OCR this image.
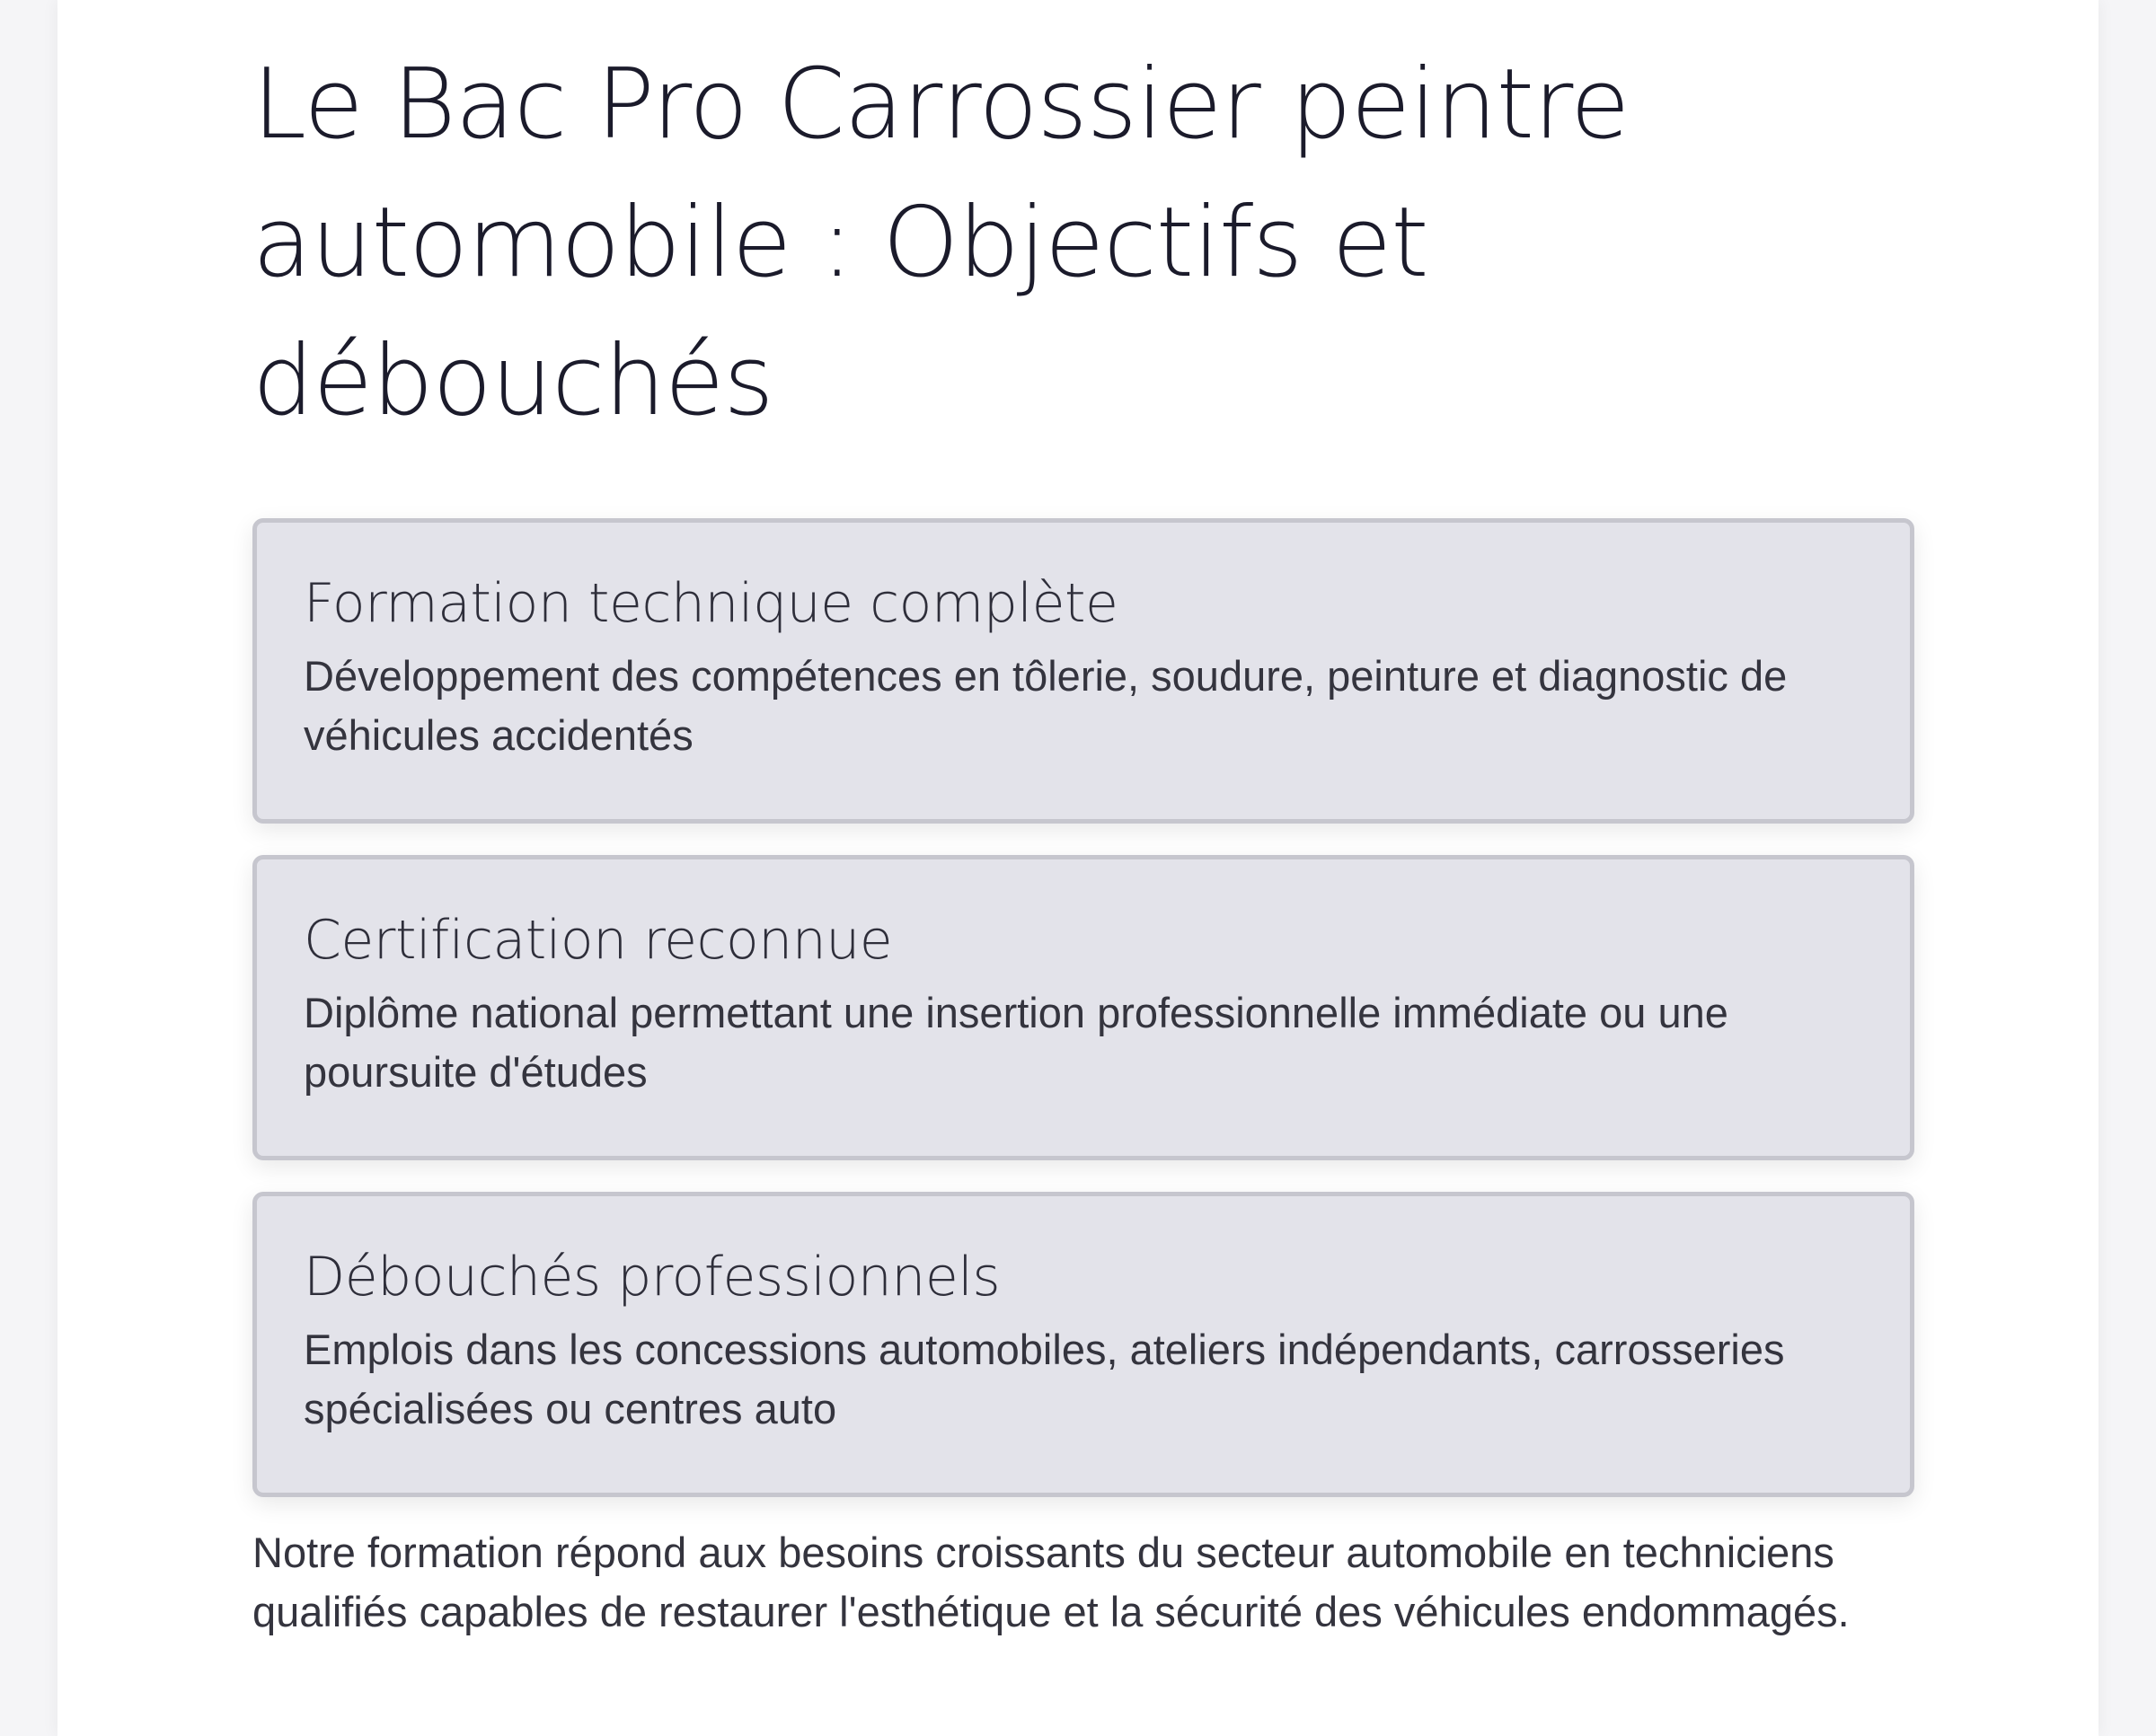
Le Bac Pro Carrossier peintre automobile : Objectifs et débouchés
Formation technique complète

Développement des compétences en tôlerie, soudure, peinture et diagnostic de véhicules accidentés

Certification reconnue

Diplôme national permettant une insertion professionnelle immédiate ou une poursuite d'études

Débouchés professionnels

Emplois dans les concessions automobiles, ateliers indépendants, carrosseries spécialisées ou centres auto

Notre formation répond aux besoins croissants du secteur automobile en techniciens qualifiés capables de restaurer l'esthétique et la sécurité des véhicules endommagés.
